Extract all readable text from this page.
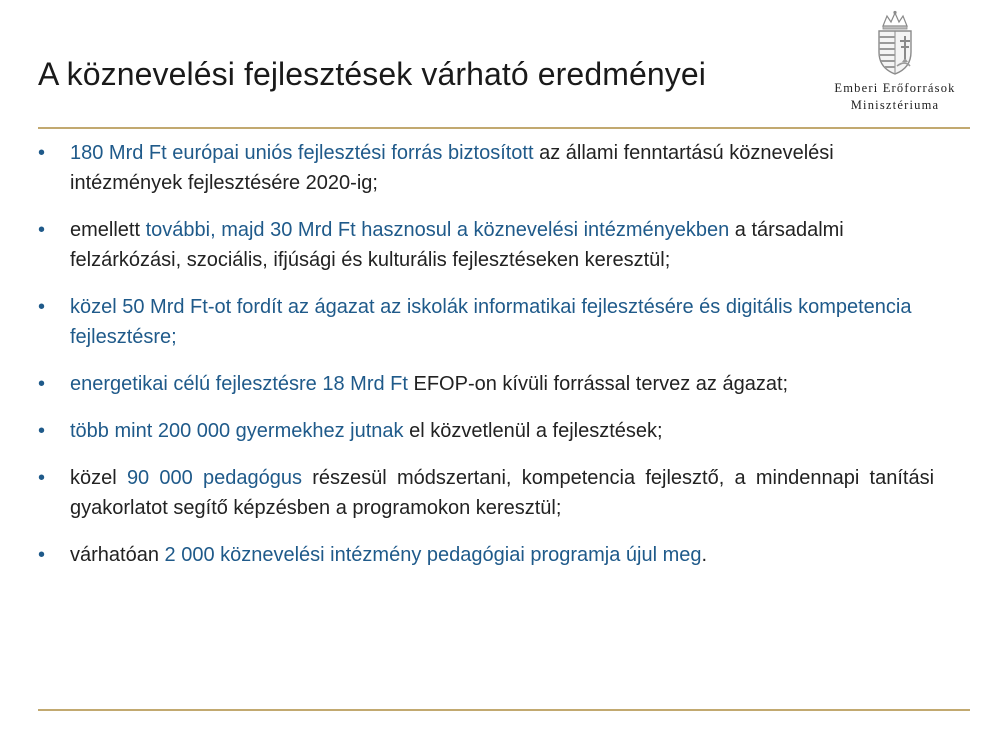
A köznevelési fejlesztések várható eredményei	Emberi Erőforrások
Minisztériuma
•	180 Mrd Ft európai uniós fejlesztési forrás biztosított az állami fenntartású köznevelési intézmények fejlesztésére 2020-ig;
•	emellett további, majd 30 Mrd Ft hasznosul a köznevelési intézményekben a társadalmi felzárkózási, szociális, ifjúsági és kulturális fejlesztéseken keresztül;
•	közel 50 Mrd Ft-ot fordít az ágazat az iskolák informatikai fejlesztésére és digitális kompetencia fejlesztésre;
•	energetikai célú fejlesztésre 18 Mrd Ft EFOP-on kívüli forrással tervez az ágazat;
•	több mint 200 000 gyermekhez jutnak el közvetlenül a fejlesztések;
•	közel 90 000 pedagógus részesül módszertani, kompetencia fejlesztő, a mindennapi tanítási gyakorlatot segítő képzésben a programokon keresztül;
•	várhatóan 2 000 köznevelési intézmény pedagógiai programja újul meg.
